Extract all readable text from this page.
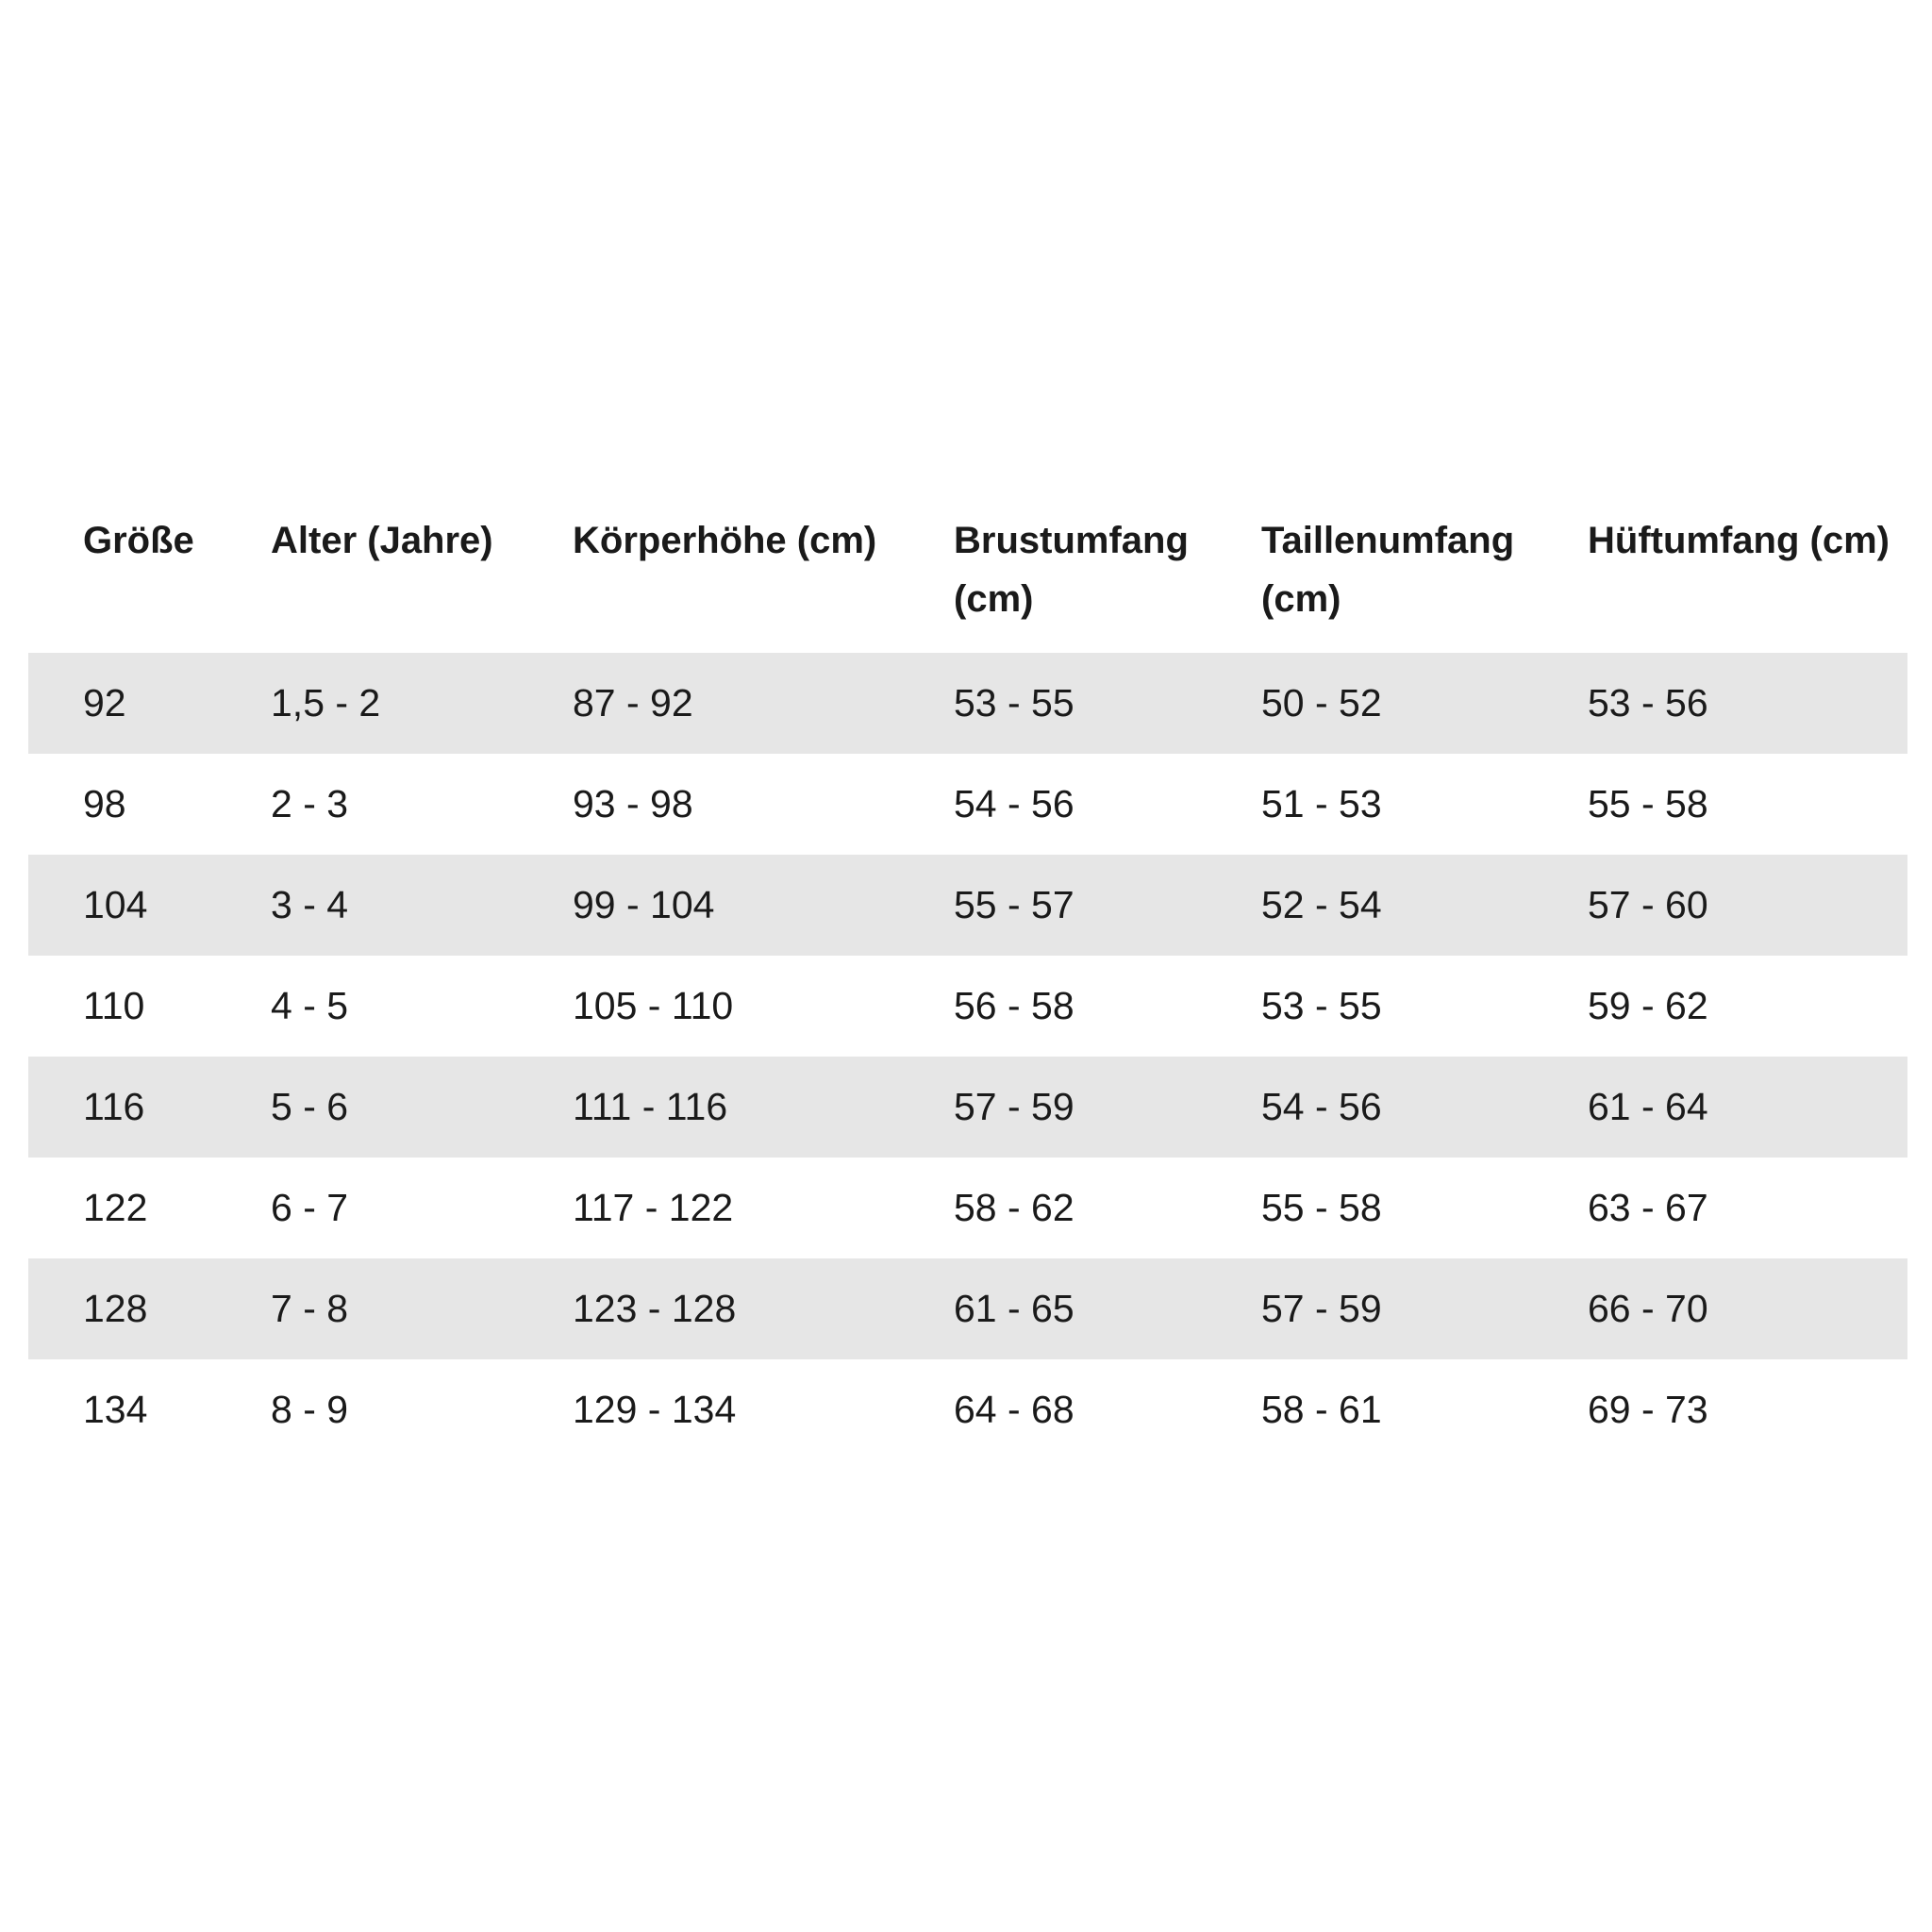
Größe	Alter (Jahre)	Körperhöhe (cm)	Brustumfang (cm)	Taillenumfang (cm)	Hüftumfang (cm)
92	1,5 - 2	87 - 92	53 - 55	50 - 52	53 - 56
98	2 - 3	93 - 98	54 - 56	51 - 53	55 - 58
104	3 - 4	99 - 104	55 - 57	52 - 54	57 - 60
110	4 - 5	105 - 110	56 - 58	53 - 55	59 - 62
116	5 - 6	111 - 116	57 - 59	54 - 56	61 - 64
122	6 - 7	117 - 122	58 - 62	55 - 58	63 - 67
128	7 - 8	123 - 128	61 - 65	57 - 59	66 - 70
134	8 - 9	129 - 134	64 - 68	58 - 61	69 - 73
